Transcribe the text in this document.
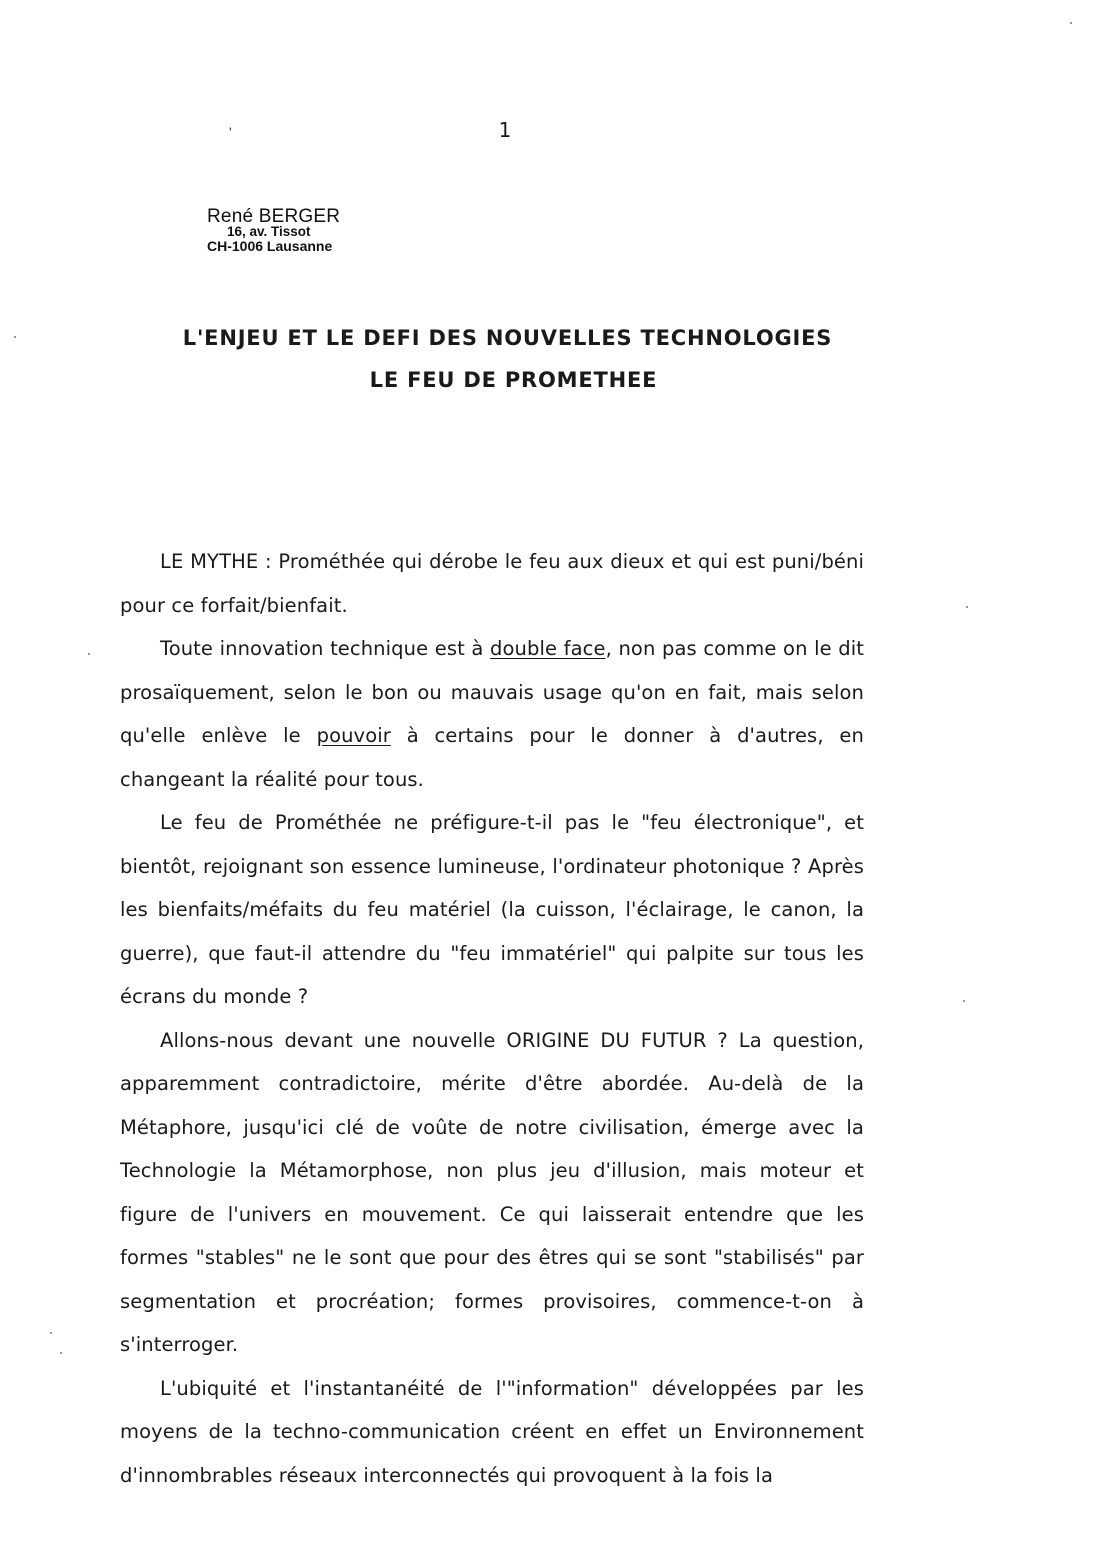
'	1
René BERGER
16, av. Tissot
CH-1006 Lausanne
L'ENJEU ET LE DEFI DES NOUVELLES TECHNOLOGIES
LE FEU DE PROMETHEE

LE MYTHE : Prométhée qui dérobe le feu aux dieux et qui est puni/béni pour ce forfait/bienfait.

Toute innovation technique est à double face, non pas comme on le dit prosaïquement, selon le bon ou mauvais usage qu'on en fait, mais selon qu'elle enlève le pouvoir à certains pour le donner à d'autres, en changeant la réalité pour tous.

Le feu de Prométhée ne préfigure-t-il pas le "feu électronique", et bientôt, rejoignant son essence lumineuse, l'ordinateur photonique ? Après les bienfaits/méfaits du feu matériel (la cuisson, l'éclairage, le canon, la guerre), que faut-il attendre du "feu immatériel" qui palpite sur tous les écrans du monde ?

Allons-nous devant une nouvelle ORIGINE DU FUTUR ? La question, apparemment contradictoire, mérite d'être abordée. Au-delà de la Métaphore, jusqu'ici clé de voûte de notre civilisation, émerge avec la Technologie la Métamorphose, non plus jeu d'illusion, mais moteur et figure de l'univers en mouvement. Ce qui laisserait entendre que les formes "stables" ne le sont que pour des êtres qui se sont "stabilisés" par segmentation et procréation; formes provisoires, commence-t-on à s'interroger.

L'ubiquité et l'instantanéité de l'"information" développées par les moyens de la techno-communication créent en effet un Environnement d'innombrables réseaux interconnectés qui provoquent à la fois la
